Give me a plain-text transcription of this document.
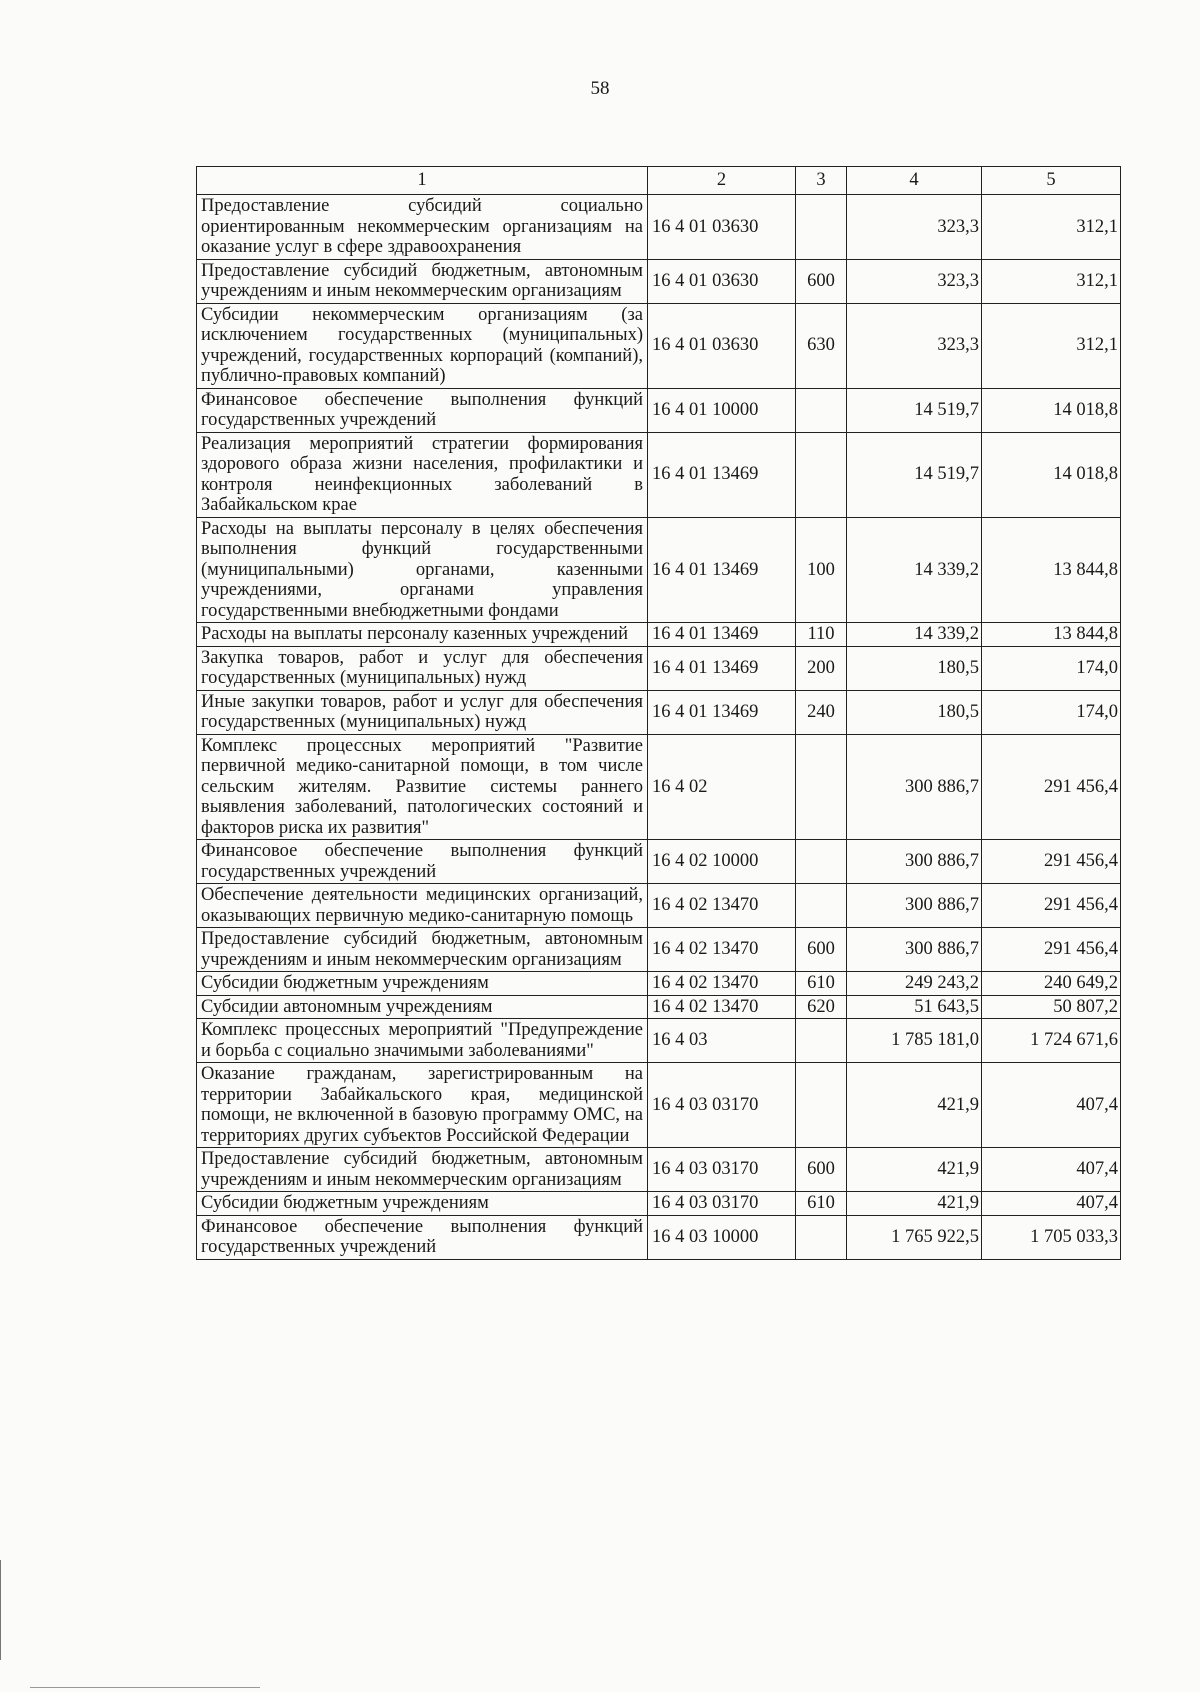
58
1	2	3	4	5
Предоставление субсидий социально ориентированным некоммерческим организациям на оказание услуг в сфере здравоохранения	16 4 01 03630		323,3	312,1
Предоставление субсидий бюджетным, автономным учреждениям и иным некоммерческим организациям	16 4 01 03630	600	323,3	312,1
Субсидии некоммерческим организациям (за исключением государственных (муниципальных) учреждений, государственных корпораций (компаний), публично-правовых компаний)	16 4 01 03630	630	323,3	312,1
Финансовое обеспечение выполнения функций государственных учреждений	16 4 01 10000		14 519,7	14 018,8
Реализация мероприятий стратегии формирования здорового образа жизни населения, профилактики и контроля неинфекционных заболеваний в Забайкальском крае	16 4 01 13469		14 519,7	14 018,8
Расходы на выплаты персоналу в целях обеспечения выполнения функций государственными (муниципальными) органами, казенными учреждениями, органами управления государственными внебюджетными фондами	16 4 01 13469	100	14 339,2	13 844,8
Расходы на выплаты персоналу казенных учреждений	16 4 01 13469	110	14 339,2	13 844,8
Закупка товаров, работ и услуг для обеспечения государственных (муниципальных) нужд	16 4 01 13469	200	180,5	174,0
Иные закупки товаров, работ и услуг для обеспечения государственных (муниципальных) нужд	16 4 01 13469	240	180,5	174,0
Комплекс процессных мероприятий "Развитие первичной медико-санитарной помощи, в том числе сельским жителям. Развитие системы раннего выявления заболеваний, патологических состояний и факторов риска их развития"	16 4 02		300 886,7	291 456,4
Финансовое обеспечение выполнения функций государственных учреждений	16 4 02 10000		300 886,7	291 456,4
Обеспечение деятельности медицинских организаций, оказывающих первичную медико-санитарную помощь	16 4 02 13470		300 886,7	291 456,4
Предоставление субсидий бюджетным, автономным учреждениям и иным некоммерческим организациям	16 4 02 13470	600	300 886,7	291 456,4
Субсидии бюджетным учреждениям	16 4 02 13470	610	249 243,2	240 649,2
Субсидии автономным учреждениям	16 4 02 13470	620	51 643,5	50 807,2
Комплекс процессных мероприятий "Предупреждение и борьба с социально значимыми заболеваниями"	16 4 03		1 785 181,0	1 724 671,6
Оказание гражданам, зарегистрированным на территории Забайкальского края, медицинской помощи, не включенной в базовую программу ОМС, на территориях других субъектов Российской Федерации	16 4 03 03170		421,9	407,4
Предоставление субсидий бюджетным, автономным учреждениям и иным некоммерческим организациям	16 4 03 03170	600	421,9	407,4
Субсидии бюджетным учреждениям	16 4 03 03170	610	421,9	407,4
Финансовое обеспечение выполнения функций государственных учреждений	16 4 03 10000		1 765 922,5	1 705 033,3
